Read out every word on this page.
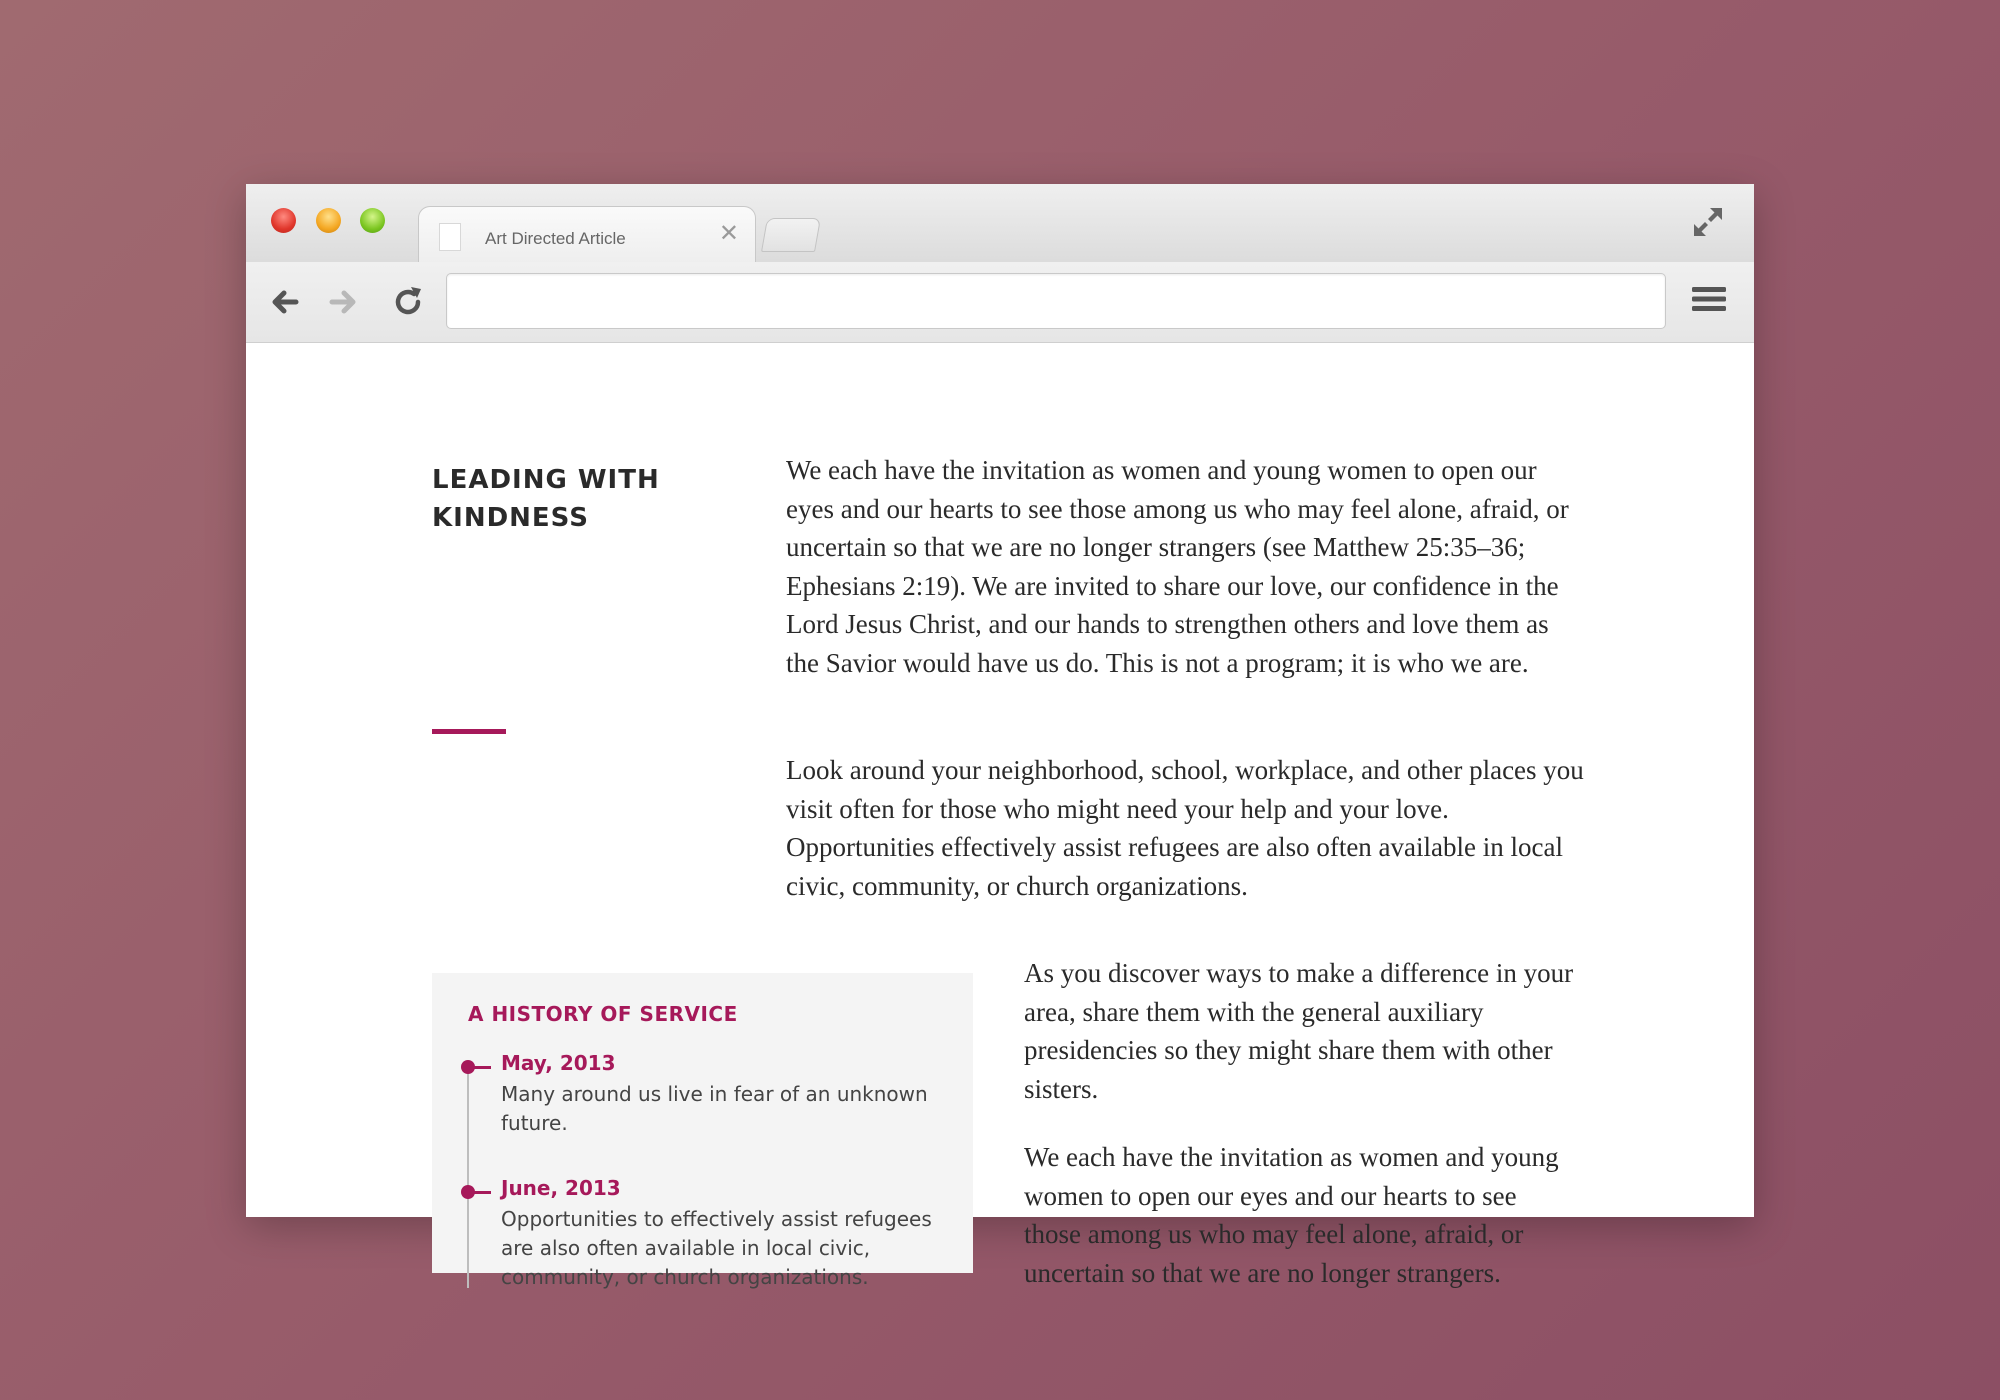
Art Directed Article	✕
LEADING WITH KINDNESS

We each have the invitation as women and young women to open our eyes and our hearts to see those among us who may feel alone, afraid, or uncertain so that we are no longer strangers (see Matthew 25:35–36; Ephesians 2:19). We are invited to share our love, our confidence in the Lord Jesus Christ, and our hands to strengthen others and love them as the Savior would have us do. This is not a program; it is who we are.

Look around your neighborhood, school, workplace, and other places you visit often for those who might need your help and your love. Opportunities effectively assist refugees are also often available in local civic, community, or church organizations.

A HISTORY OF SERVICE
May, 2013
Many around us live in fear of an unknown future.
June, 2013
Opportunities to effectively assist refugees are also often available in local civic, community, or church organizations.

As you discover ways to make a difference in your area, share them with the general auxiliary presidencies so they might share them with other sisters.

We each have the invitation as women and young women to open our eyes and our hearts to see those among us who may feel alone, afraid, or uncertain so that we are no longer strangers.
